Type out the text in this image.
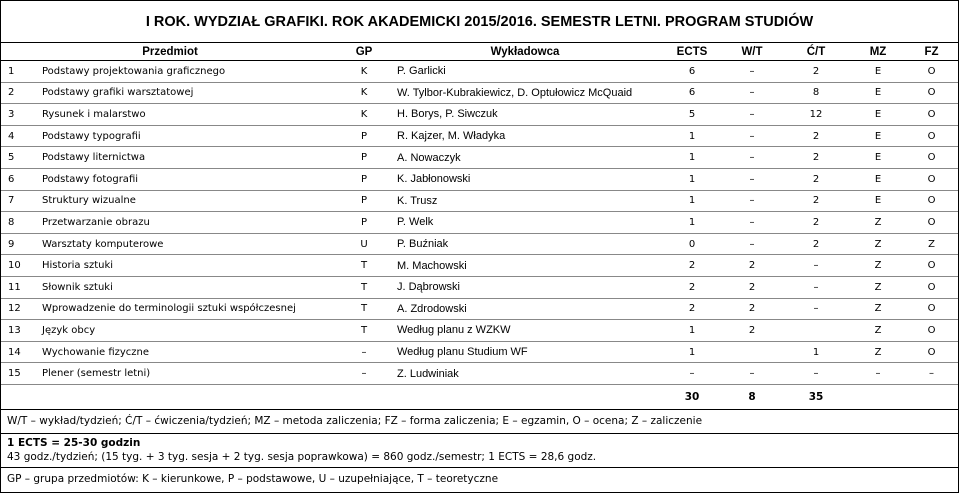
I ROK. WYDZIAŁ GRAFIKI. ROK AKADEMICKI 2015/2016. SEMESTR LETNI. PROGRAM STUDIÓW
Przedmiot		GP	Wykładowca	ECTS	W/T	Ć/T	MZ	FZ
1	Podstawy projektowania graficznego	K	P. Garlicki	6	–	2	E	O
2	Podstawy grafiki warsztatowej	K	W. Tylbor-Kubrakiewicz, D. Optułowicz McQuaid	6	–	8	E	O
3	Rysunek i malarstwo	K	H. Borys, P. Siwczuk	5	–	12	E	O
4	Podstawy typografii	P	R. Kajzer, M. Władyka	1	–	2	E	O
5	Podstawy liternictwa	P	A. Nowaczyk	1	–	2	E	O
6	Podstawy fotografii	P	K. Jabłonowski	1	–	2	E	O
7	Struktury wizualne	P	K. Trusz	1	–	2	E	O
8	Przetwarzanie obrazu	P	P. Welk	1	–	2	Z	O
9	Warsztaty komputerowe	U	P. Buźniak	0	–	2	Z	Z
10	Historia sztuki	T	M. Machowski	2	2	–	Z	O
11	Słownik sztuki	T	J. Dąbrowski	2	2	–	Z	O
12	Wprowadzenie do terminologii sztuki współczesnej	T	A. Zdrodowski	2	2	–	Z	O
13	Język obcy	T	Według planu z WZKW	1	2		Z	O
14	Wychowanie fizyczne	–	Według planu Studium WF	1		1	Z	O
15	Plener (semestr letni)	–	Z. Ludwiniak	–	–	–	–	–
				30	8	35		
W/T – wykład/tydzień; Ć/T – ćwiczenia/tydzień; MZ – metoda zaliczenia; FZ – forma zaliczenia; E – egzamin, O – ocena; Z – zaliczenie
1 ECTS = 25-30 godzin
43 godz./tydzień; (15 tyg. + 3 tyg. sesja + 2 tyg. sesja poprawkowa) = 860 godz./semestr; 1 ECTS = 28,6 godz.
GP – grupa przedmiotów: K – kierunkowe, P – podstawowe, U – uzupełniające, T – teoretyczne
